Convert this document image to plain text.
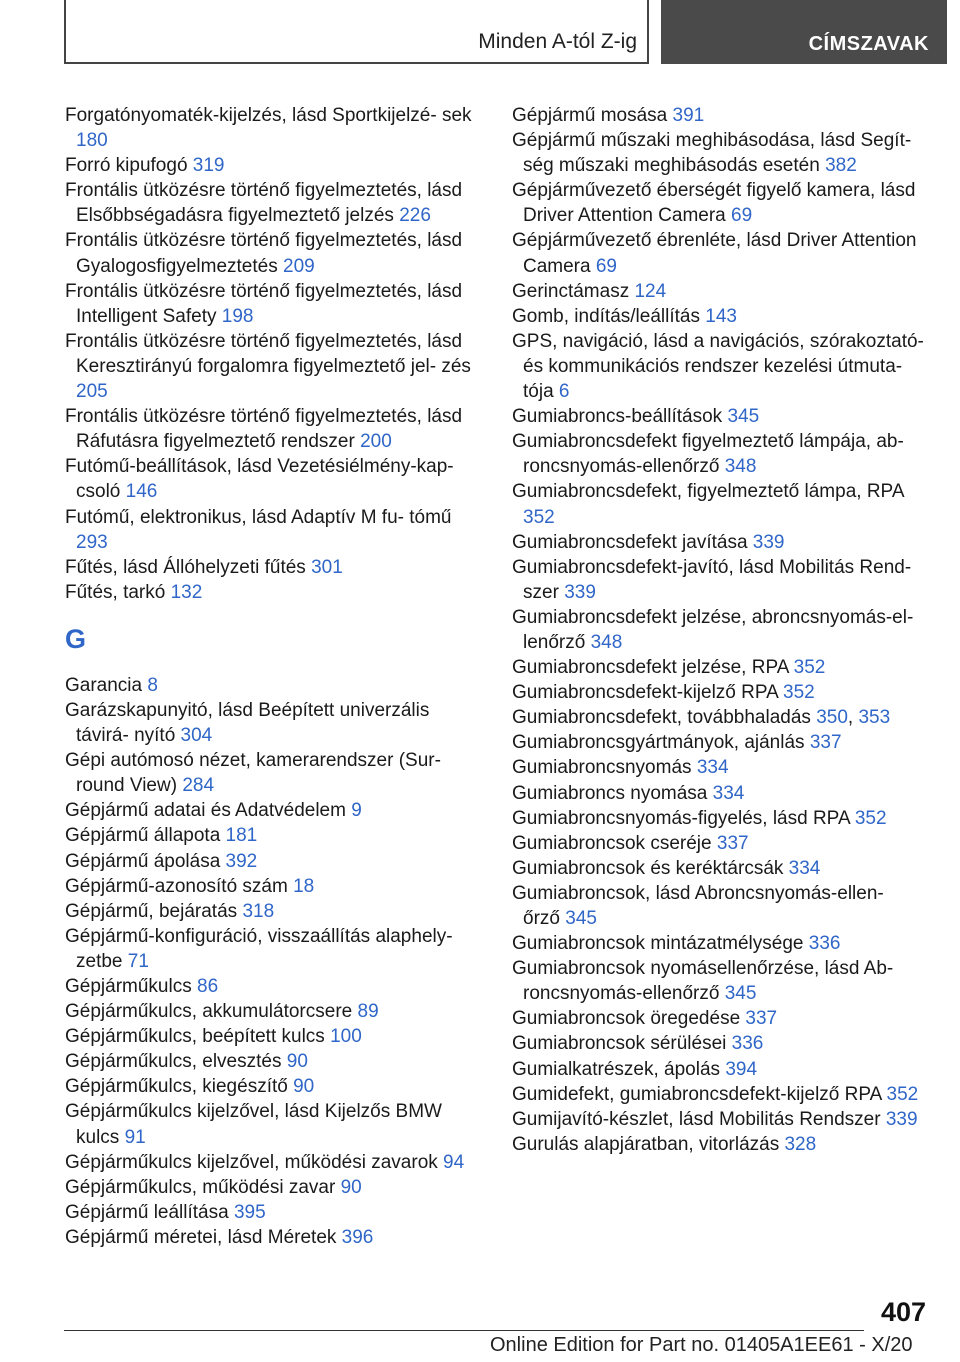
Minden A-tól Z-ig	CÍMSZAVAK
Forgatónyomaték-kijelzés, lásd Sportkijelzé- sek 180
Forró kipufogó 319
Frontális ütközésre történő figyelmeztetés, lásd Elsőbbségadásra figyelmeztető jelzés 226
Frontális ütközésre történő figyelmeztetés, lásd Gyalogosfigyelmeztetés 209
Frontális ütközésre történő figyelmeztetés, lásd Intelligent Safety 198
Frontális ütközésre történő figyelmeztetés, lásd Keresztirányú forgalomra figyelmeztető jel- zés 205
Frontális ütközésre történő figyelmeztetés, lásd Ráfutásra figyelmeztető rendszer 200
Futómű-beállítások, lásd Vezetésiélmény-kap- csoló 146
Futómű, elektronikus, lásd Adaptív M fu- tómű 293
Fűtés, lásd Állóhelyzeti fűtés 301
Fűtés, tarkó 132
G
Garancia 8
Garázskapunyitó, lásd Beépített univerzális távirá- nyító 304
Gépi autómosó nézet, kamerarendszer (Sur- round View) 284
Gépjármű adatai és Adatvédelem 9
Gépjármű állapota 181
Gépjármű ápolása 392
Gépjármű-azonosító szám 18
Gépjármű, bejáratás 318
Gépjármű-konfiguráció, visszaállítás alaphely- zetbe 71
Gépjárműkulcs 86
Gépjárműkulcs, akkumulátorcsere 89
Gépjárműkulcs, beépített kulcs 100
Gépjárműkulcs, elvesztés 90
Gépjárműkulcs, kiegészítő 90
Gépjárműkulcs kijelzővel, lásd Kijelzős BMW kulcs 91
Gépjárműkulcs kijelzővel, működési zavarok 94
Gépjárműkulcs, működési zavar 90
Gépjármű leállítása 395
Gépjármű méretei, lásd Méretek 396
Gépjármű mosása 391
Gépjármű műszaki meghibásodása, lásd Segít- ség műszaki meghibásodás esetén 382
Gépjárművezető éberségét figyelő kamera, lásd Driver Attention Camera 69
Gépjárművezető ébrenléte, lásd Driver Attention Camera 69
Gerinctámasz 124
Gomb, indítás/leállítás 143
GPS, navigáció, lásd a navigációs, szórakoztató- és kommunikációs rendszer kezelési útmuta- tója 6
Gumiabroncs-beállítások 345
Gumiabroncsdefekt figyelmeztető lámpája, ab- roncsnyomás-ellenőrző 348
Gumiabroncsdefekt, figyelmeztető lámpa, RPA 352
Gumiabroncsdefekt javítása 339
Gumiabroncsdefekt-javító, lásd Mobilitás Rend- szer 339
Gumiabroncsdefekt jelzése, abroncsnyomás-el- lenőrző 348
Gumiabroncsdefekt jelzése, RPA 352
Gumiabroncsdefekt-kijelző RPA 352
Gumiabroncsdefekt, továbbhaladás 350, 353
Gumiabroncsgyártmányok, ajánlás 337
Gumiabroncsnyomás 334
Gumiabroncs nyomása 334
Gumiabroncsnyomás-figyelés, lásd RPA 352
Gumiabroncsok cseréje 337
Gumiabroncsok és keréktárcsák 334
Gumiabroncsok, lásd Abroncsnyomás-ellen- őrző 345
Gumiabroncsok mintázatmélysége 336
Gumiabroncsok nyomásellenőrzése, lásd Ab- roncsnyomás-ellenőrző 345
Gumiabroncsok öregedése 337
Gumiabroncsok sérülései 336
Gumialkatrészek, ápolás 394
Gumidefekt, gumiabroncsdefekt-kijelző RPA 352
Gumijavító-készlet, lásd Mobilitás Rendszer 339
Gurulás alapjáratban, vitorlázás 328
407
Online Edition for Part no. 01405A1EE61 - X/20
